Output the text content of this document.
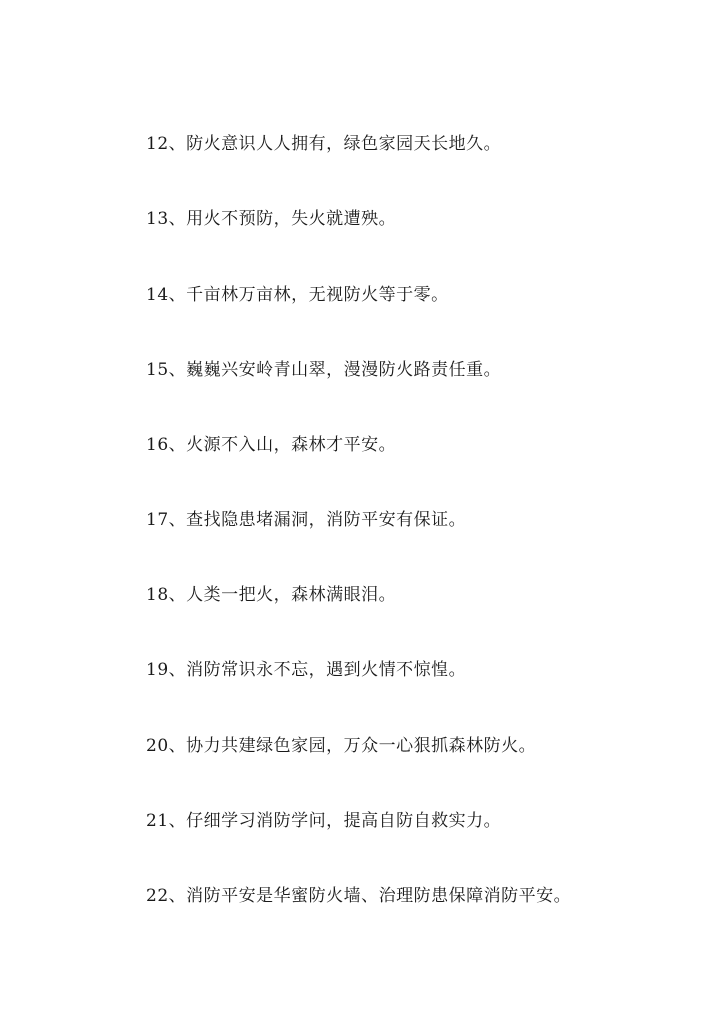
12、防火意识人人拥有，绿色家园天长地久。
13、用火不预防，失火就遭殃。
14、千亩林万亩林，无视防火等于零。
15、巍巍兴安岭青山翠，漫漫防火路责任重。
16、火源不入山，森林才平安。
17、查找隐患堵漏洞，消防平安有保证。
18、人类一把火，森林满眼泪。
19、消防常识永不忘，遇到火情不惊惶。
20、协力共建绿色家园，万众一心狠抓森林防火。
21、仔细学习消防学问，提高自防自救实力。
22、消防平安是华蜜防火墙、治理防患保障消防平安。
